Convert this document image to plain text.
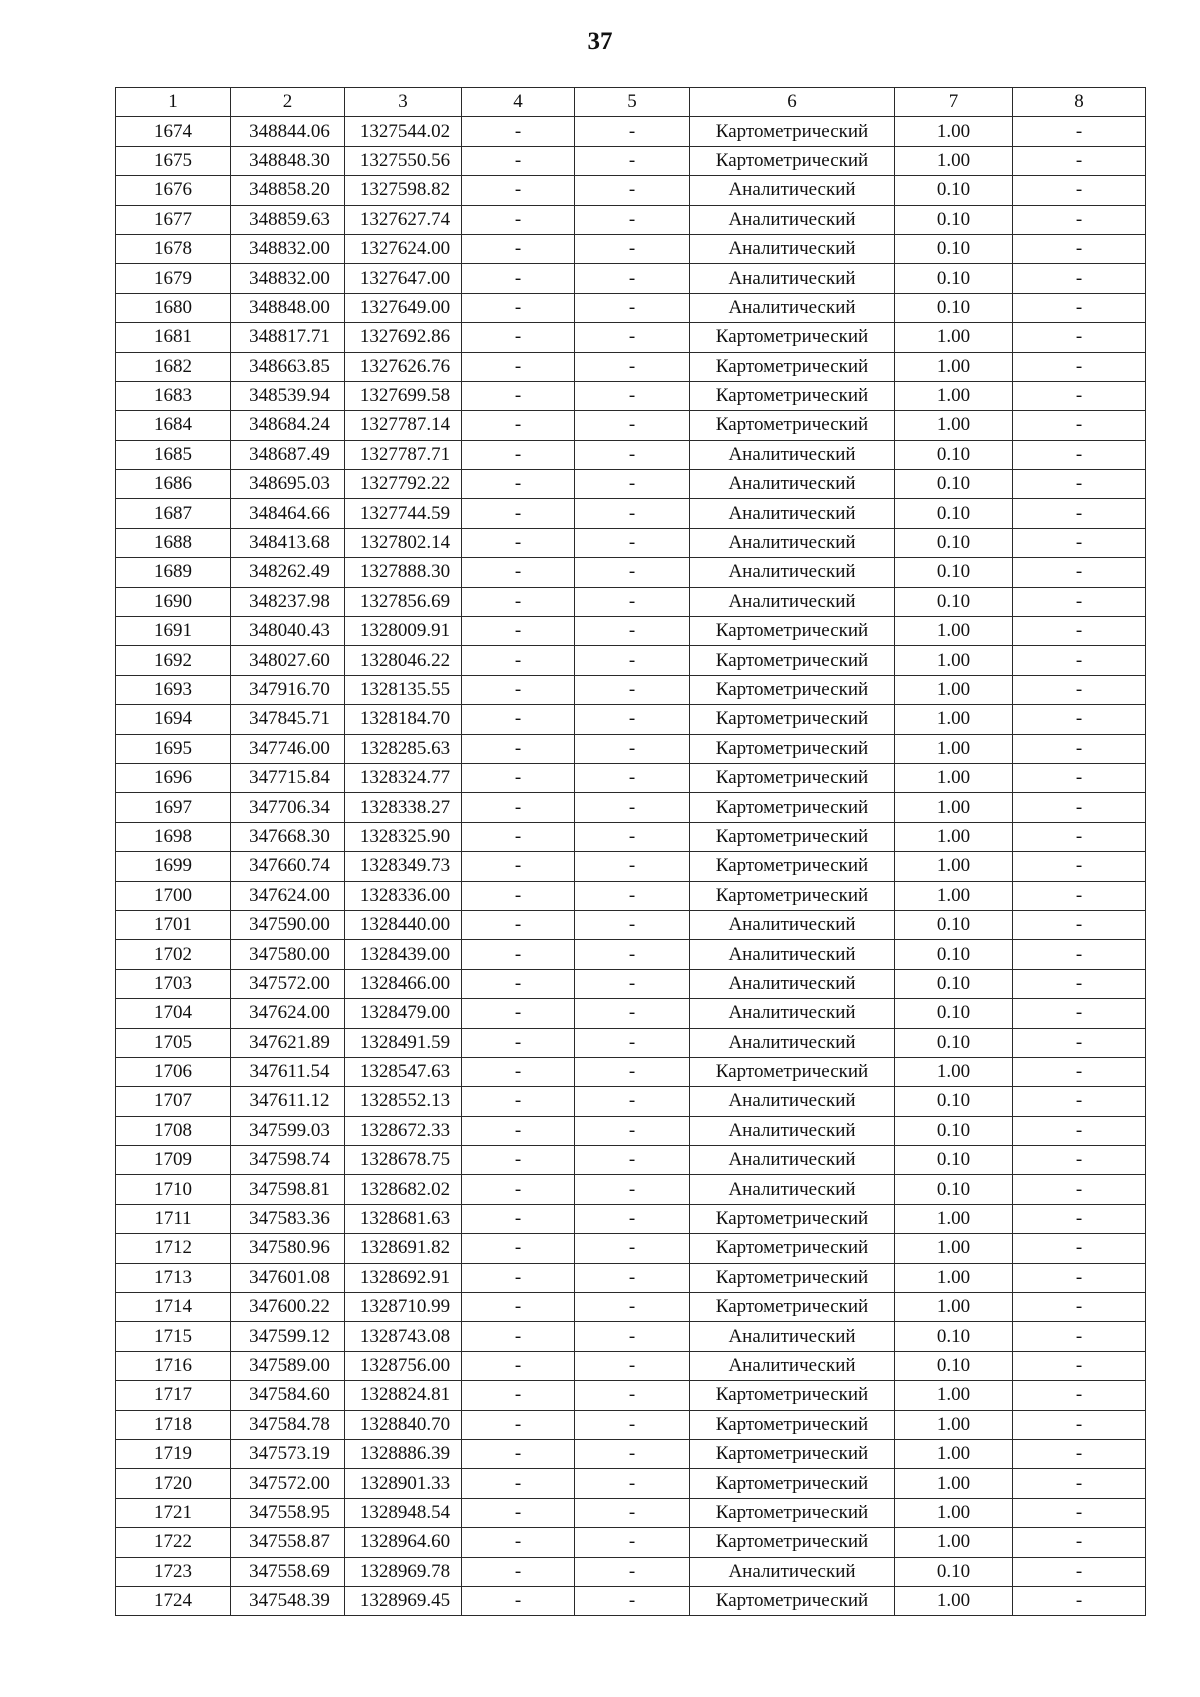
37
1	2	3	4	5	6	7	8
1674	348844.06	1327544.02	-	-	Картометрический	1.00	-
1675	348848.30	1327550.56	-	-	Картометрический	1.00	-
1676	348858.20	1327598.82	-	-	Аналитический	0.10	-
1677	348859.63	1327627.74	-	-	Аналитический	0.10	-
1678	348832.00	1327624.00	-	-	Аналитический	0.10	-
1679	348832.00	1327647.00	-	-	Аналитический	0.10	-
1680	348848.00	1327649.00	-	-	Аналитический	0.10	-
1681	348817.71	1327692.86	-	-	Картометрический	1.00	-
1682	348663.85	1327626.76	-	-	Картометрический	1.00	-
1683	348539.94	1327699.58	-	-	Картометрический	1.00	-
1684	348684.24	1327787.14	-	-	Картометрический	1.00	-
1685	348687.49	1327787.71	-	-	Аналитический	0.10	-
1686	348695.03	1327792.22	-	-	Аналитический	0.10	-
1687	348464.66	1327744.59	-	-	Аналитический	0.10	-
1688	348413.68	1327802.14	-	-	Аналитический	0.10	-
1689	348262.49	1327888.30	-	-	Аналитический	0.10	-
1690	348237.98	1327856.69	-	-	Аналитический	0.10	-
1691	348040.43	1328009.91	-	-	Картометрический	1.00	-
1692	348027.60	1328046.22	-	-	Картометрический	1.00	-
1693	347916.70	1328135.55	-	-	Картометрический	1.00	-
1694	347845.71	1328184.70	-	-	Картометрический	1.00	-
1695	347746.00	1328285.63	-	-	Картометрический	1.00	-
1696	347715.84	1328324.77	-	-	Картометрический	1.00	-
1697	347706.34	1328338.27	-	-	Картометрический	1.00	-
1698	347668.30	1328325.90	-	-	Картометрический	1.00	-
1699	347660.74	1328349.73	-	-	Картометрический	1.00	-
1700	347624.00	1328336.00	-	-	Картометрический	1.00	-
1701	347590.00	1328440.00	-	-	Аналитический	0.10	-
1702	347580.00	1328439.00	-	-	Аналитический	0.10	-
1703	347572.00	1328466.00	-	-	Аналитический	0.10	-
1704	347624.00	1328479.00	-	-	Аналитический	0.10	-
1705	347621.89	1328491.59	-	-	Аналитический	0.10	-
1706	347611.54	1328547.63	-	-	Картометрический	1.00	-
1707	347611.12	1328552.13	-	-	Аналитический	0.10	-
1708	347599.03	1328672.33	-	-	Аналитический	0.10	-
1709	347598.74	1328678.75	-	-	Аналитический	0.10	-
1710	347598.81	1328682.02	-	-	Аналитический	0.10	-
1711	347583.36	1328681.63	-	-	Картометрический	1.00	-
1712	347580.96	1328691.82	-	-	Картометрический	1.00	-
1713	347601.08	1328692.91	-	-	Картометрический	1.00	-
1714	347600.22	1328710.99	-	-	Картометрический	1.00	-
1715	347599.12	1328743.08	-	-	Аналитический	0.10	-
1716	347589.00	1328756.00	-	-	Аналитический	0.10	-
1717	347584.60	1328824.81	-	-	Картометрический	1.00	-
1718	347584.78	1328840.70	-	-	Картометрический	1.00	-
1719	347573.19	1328886.39	-	-	Картометрический	1.00	-
1720	347572.00	1328901.33	-	-	Картометрический	1.00	-
1721	347558.95	1328948.54	-	-	Картометрический	1.00	-
1722	347558.87	1328964.60	-	-	Картометрический	1.00	-
1723	347558.69	1328969.78	-	-	Аналитический	0.10	-
1724	347548.39	1328969.45	-	-	Картометрический	1.00	-
